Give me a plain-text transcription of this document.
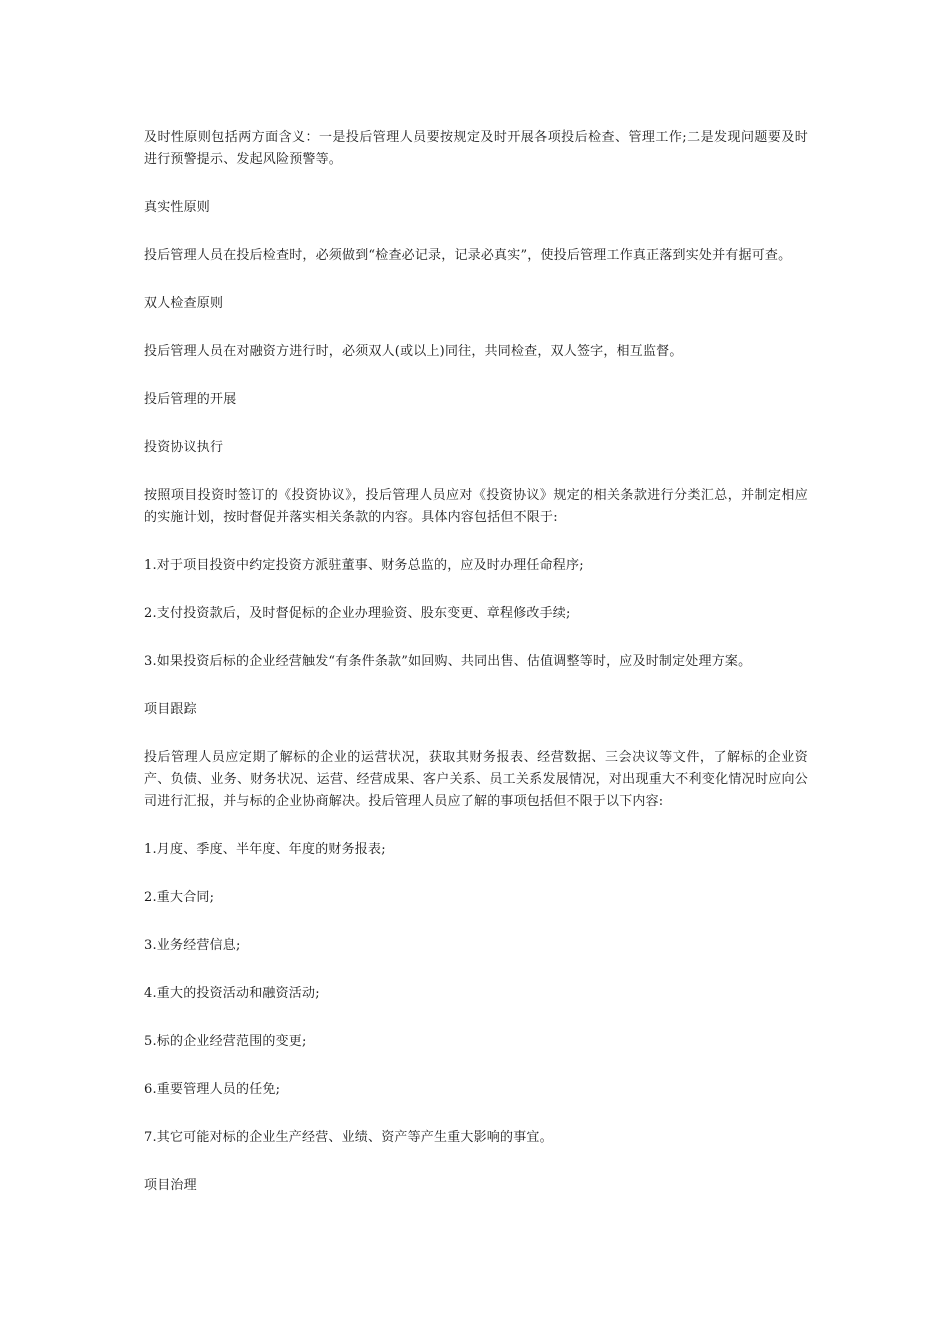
及时性原则包括两方面含义：一是投后管理人员要按规定及时开展各项投后检查、管理工作;二是发现问题要及时进行预警提示、发起风险预警等。

真实性原则

投后管理人员在投后检查时，必须做到“检查必记录，记录必真实”，使投后管理工作真正落到实处并有据可查。

双人检查原则

投后管理人员在对融资方进行时，必须双人(或以上)同往，共同检查，双人签字，相互监督。

投后管理的开展

投资协议执行

按照项目投资时签订的《投资协议》，投后管理人员应对《投资协议》规定的相关条款进行分类汇总，并制定相应的实施计划，按时督促并落实相关条款的内容。具体内容包括但不限于:

1.对于项目投资中约定投资方派驻董事、财务总监的，应及时办理任命程序;

2.支付投资款后，及时督促标的企业办理验资、股东变更、章程修改手续;

3.如果投资后标的企业经营触发“有条件条款”如回购、共同出售、估值调整等时，应及时制定处理方案。

项目跟踪

投后管理人员应定期了解标的企业的运营状况，获取其财务报表、经营数据、三会决议等文件，了解标的企业资产、负债、业务、财务状况、运营、经营成果、客户关系、员工关系发展情况，对出现重大不利变化情况时应向公司进行汇报，并与标的企业协商解决。投后管理人员应了解的事项包括但不限于以下内容:

1.月度、季度、半年度、年度的财务报表;

2.重大合同;

3.业务经营信息;

4.重大的投资活动和融资活动;

5.标的企业经营范围的变更;

6.重要管理人员的任免;

7.其它可能对标的企业生产经营、业绩、资产等产生重大影响的事宜。

项目治理
